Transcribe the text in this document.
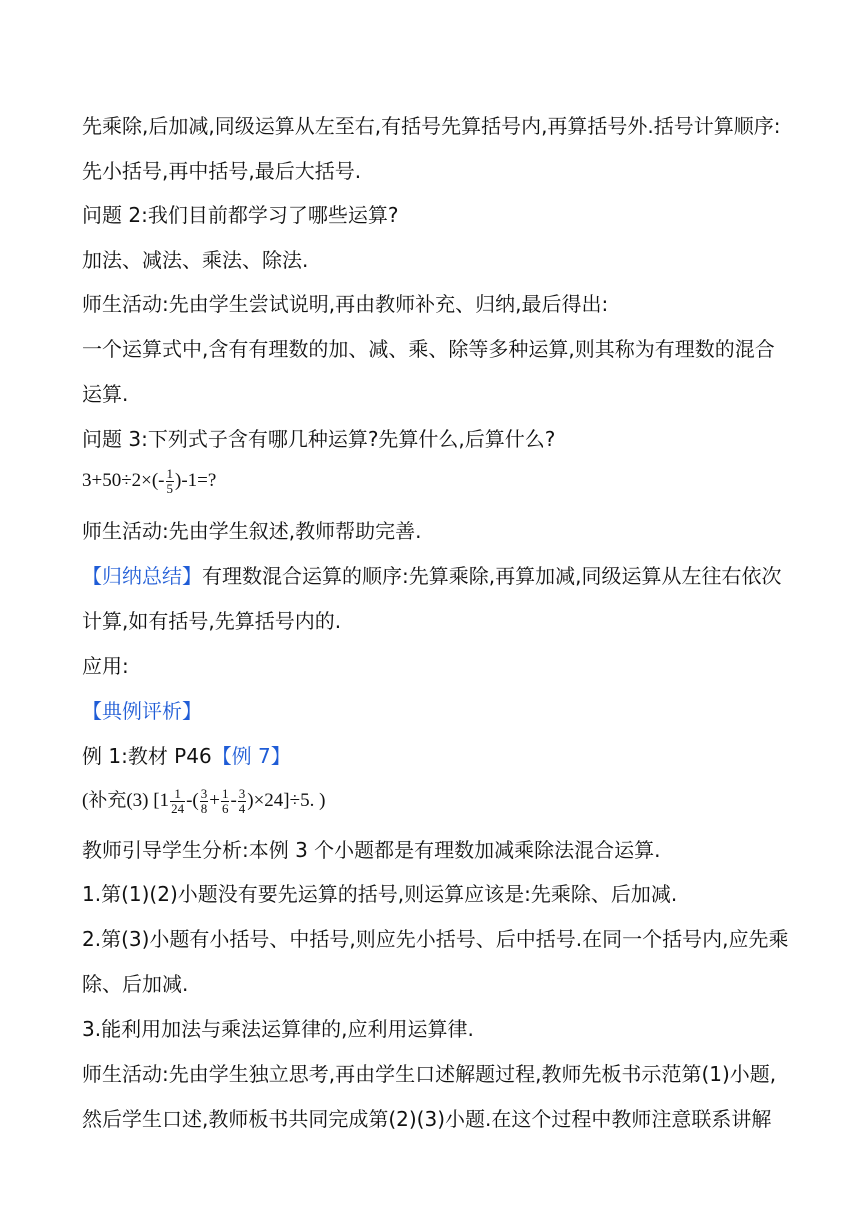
先乘除,后加减,同级运算从左至右,有括号先算括号内,再算括号外.括号计算顺序:
先小括号,再中括号,最后大括号.
问题 2:我们目前都学习了哪些运算?
加法、减法、乘法、除法.
师生活动:先由学生尝试说明,再由教师补充、归纳,最后得出:
一个运算式中,含有有理数的加、减、乘、除等多种运算,则其称为有理数的混合
运算.
问题 3:下列式子含有哪几种运算?先算什么,后算什么?
$3+50\div 2\times(- \frac{1}{5} )-1=$?
师生活动:先由学生叙述,教师帮助完善.
【归纳总结】有理数混合运算的顺序:先算乘除,再算加减,同级运算从左往右依次
计算,如有括号,先算括号内的.
应用:
【典例评析】
例 1:教材 P46【例 7】
(补充(3) [$1 \frac{1}{24}$ -( $\frac{3}{8} + \frac{1}{6} - \frac{3}{4} )\times 24]\div 5$. )
教师引导学生分析:本例 3 个小题都是有理数加减乘除法混合运算.
1.第(1)(2)小题没有要先运算的括号,则运算应该是:先乘除、后加减.
2.第(3)小题有小括号、中括号,则应先小括号、后中括号.在同一个括号内,应先乘
除、后加减.
3.能利用加法与乘法运算律的,应利用运算律.
师生活动:先由学生独立思考,再由学生口述解题过程,教师先板书示范第(1)小题,
然后学生口述,教师板书共同完成第(2)(3)小题.在这个过程中教师注意联系讲解
